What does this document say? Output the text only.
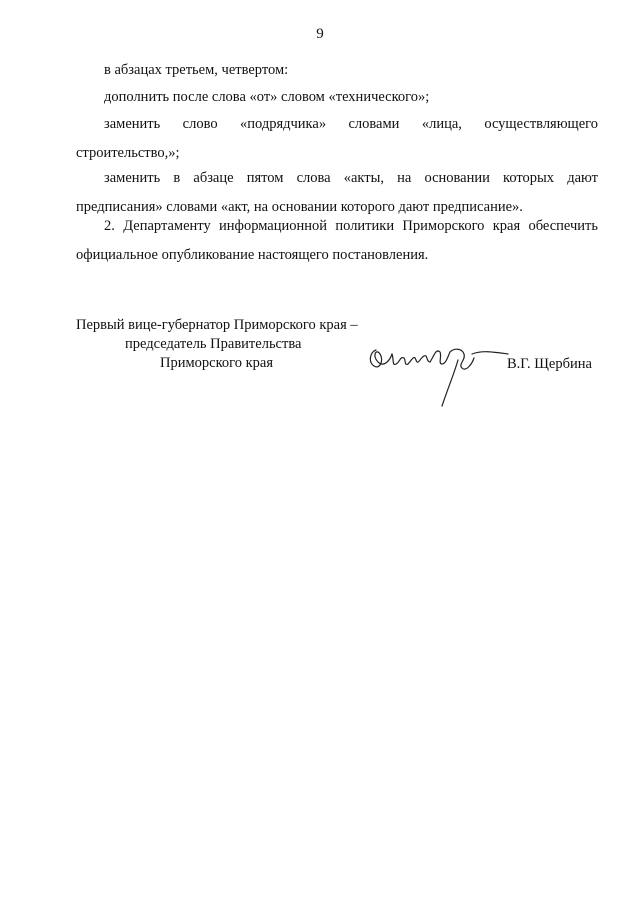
9

в абзацах третьем, четвертом:

дополнить после слова «от» словом «технического»;

заменить слово «подрядчика» словами «лица, осуществляющего
строительство,»;
заменить в абзаце пятом слова «акты, на основании которых дают
предписания» словами «акт, на основании которого дают предписание».
2. Департаменту информационной политики Приморского края обеспечить
официальное опубликование настоящего постановления.
Первый вице-губернатор Приморского края –
председатель Правительства
Приморского края	В.Г. Щербина
